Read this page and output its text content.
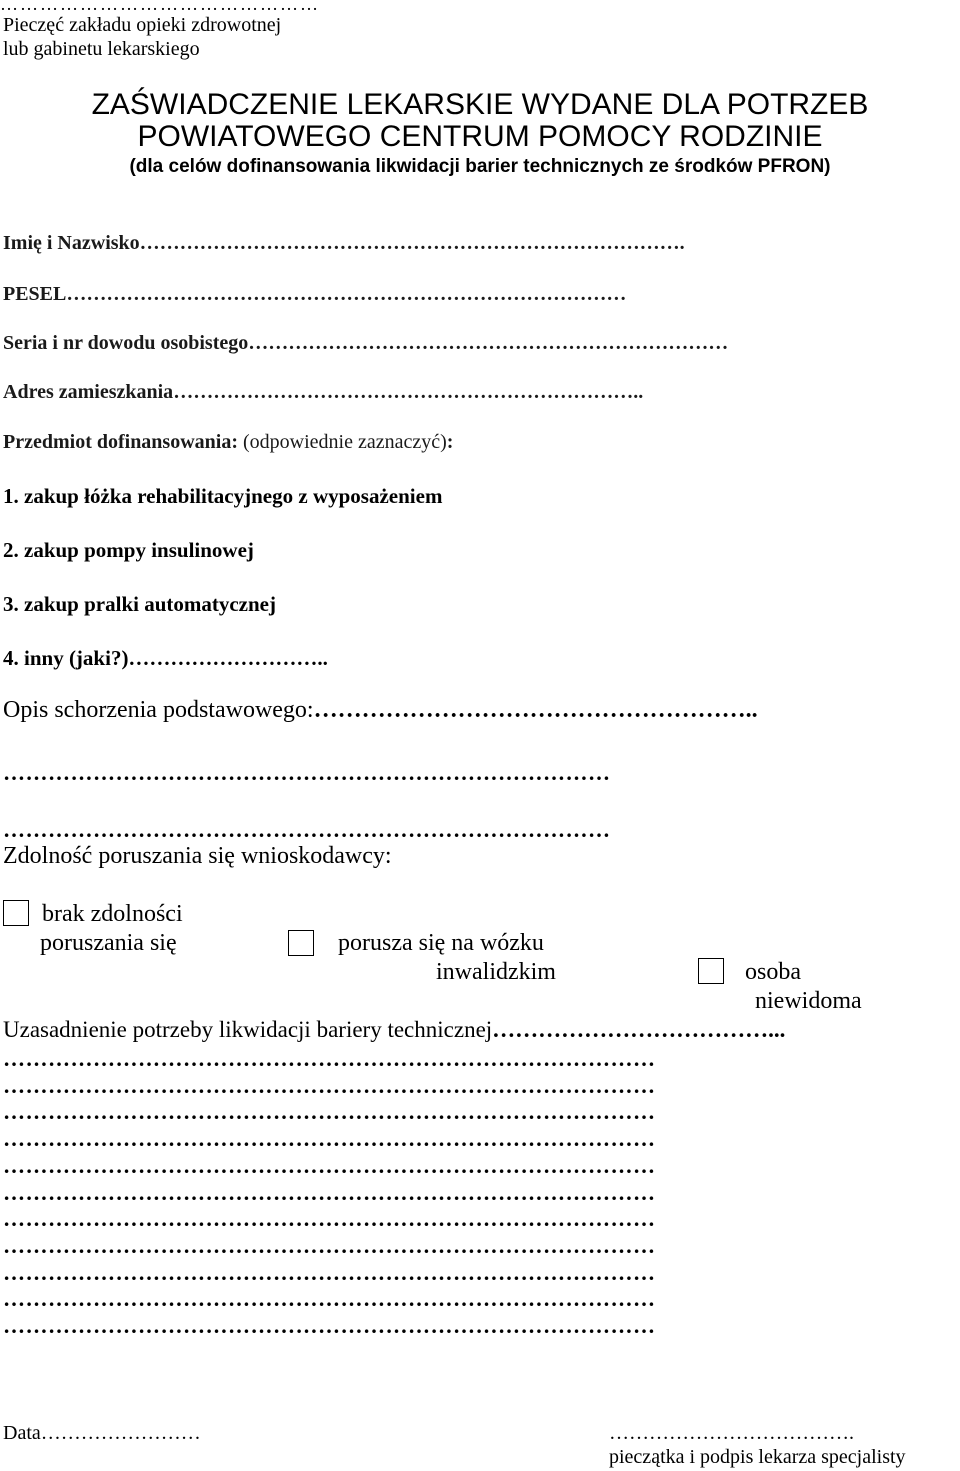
…………………………………………
Pieczęć zakładu opieki zdrowotnej
lub gabinetu lekarskiego
ZAŚWIADCZENIE LEKARSKIE WYDANE DLA POTRZEB
POWIATOWEGO CENTRUM POMOCY RODZINIE
(dla celów dofinansowania likwidacji barier technicznych ze środków PFRON)
Imię i Nazwisko……………………………………………………………………….
PESEL…………………………………………………………………………
Seria i nr dowodu osobistego………………………………………………………………
Adres zamieszkania……………………………………………………………..
Przedmiot dofinansowania: (odpowiednie zaznaczyć):
1. zakup łóżka rehabilitacyjnego z wyposażeniem
2. zakup pompy insulinowej
3. zakup pralki automatycznej
4. inny (jaki?)………………………..
Opis schorzenia podstawowego:………………………………………………..
………………………………………………………………………
………………………………………………………………………
Zdolność poruszania się wnioskodawcy:
brak zdolności
poruszania się	porusza się na wózku
inwalidzkim	osoba
niewidoma
Uzasadnienie potrzeby likwidacji bariery technicznej………………………………...
……………………………………………………………………………
……………………………………………………………………………
……………………………………………………………………………
……………………………………………………………………………
……………………………………………………………………………
……………………………………………………………………………
……………………………………………………………………………
……………………………………………………………………………
……………………………………………………………………………
……………………………………………………………………………
……………………………………………………………………………
Data……………………	……………………………….
pieczątka i podpis lekarza specjalisty
